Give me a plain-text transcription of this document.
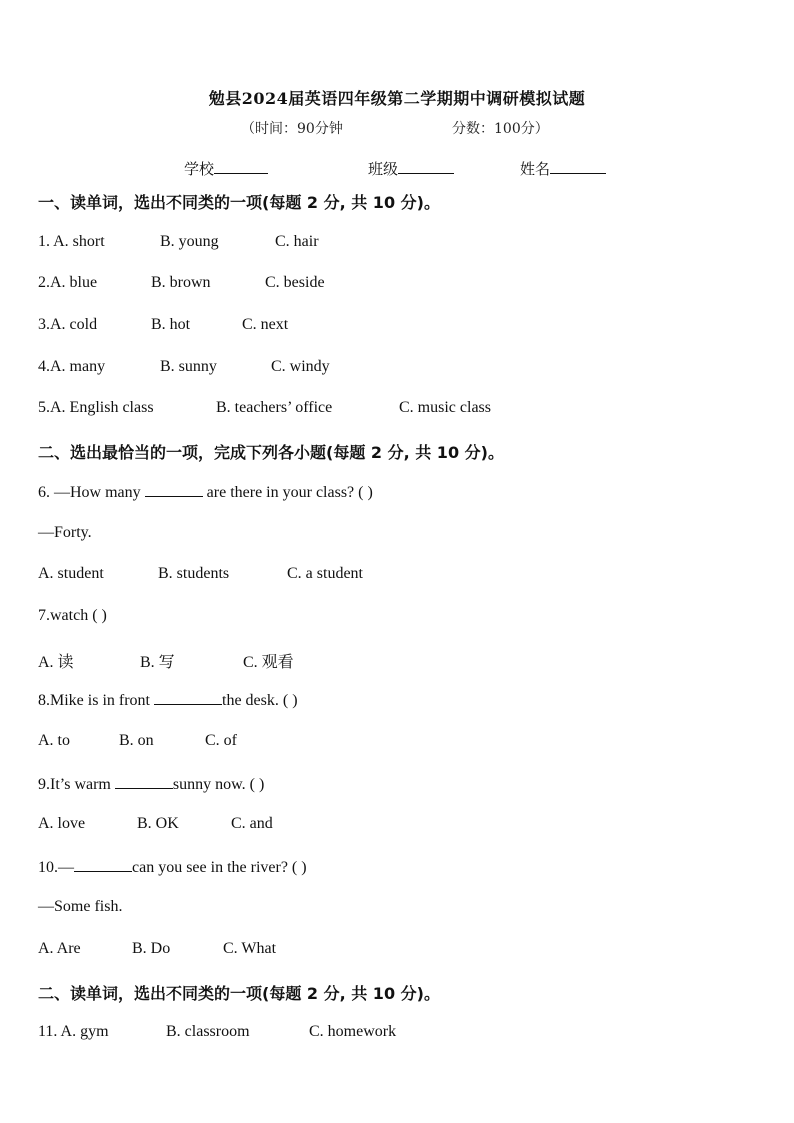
勉县2024届英语四年级第二学期期中调研模拟试题
（时间：90分钟	分数：100分）
学校	班级	姓名
一、读单词，选出不同类的一项(每题 2 分, 共 10 分)。
1. A. short	B. young	C. hair
2.A. blue	B. brown	C. beside
3.A. cold	B. hot	C. next
4.A. many	B. sunny	C. windy
5.A. English class	B. teachers’ office	C. music class
二、选出最恰当的一项，完成下列各小题(每题 2 分, 共 10 分)。
6. —How many	are there in your class? ( )
—Forty.
A. student	B. students	C. a student
7.watch ( )
A. 读	B. 写	C. 观看
8.Mike is in front	the desk. ( )
A. to	B. on	C. of
9.It’s warm	sunny now. ( )
A. love	B. OK	C. and
10.—	can you see in the river? ( )
—Some fish.
A. Are	B. Do	C. What
二、读单词，选出不同类的一项(每题 2 分, 共 10 分)。
11. A. gym	B. classroom	C. homework
